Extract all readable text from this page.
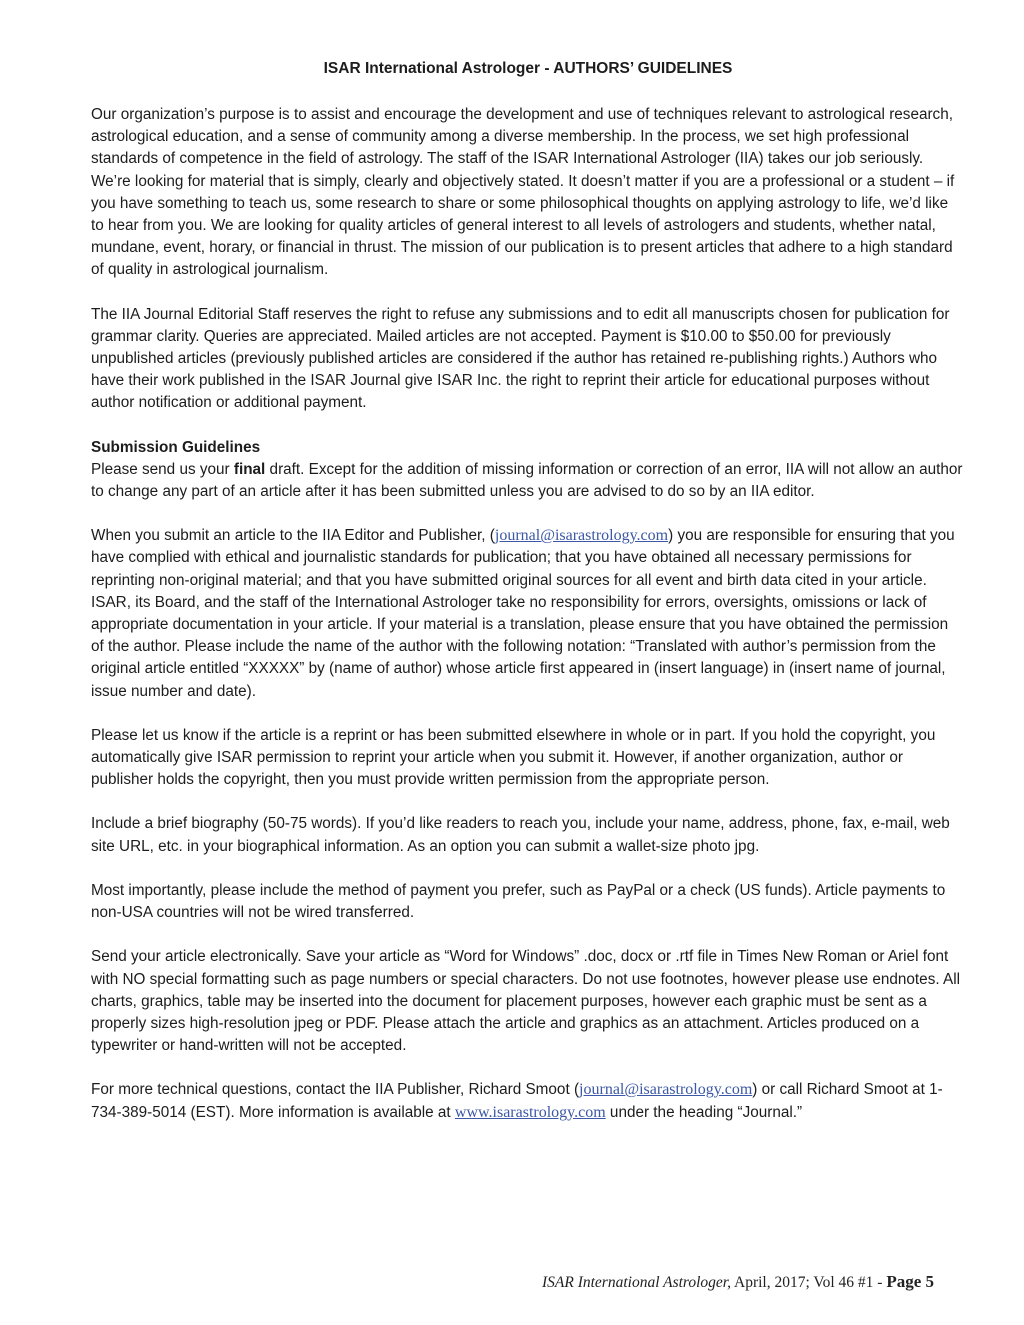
ISAR International Astrologer - AUTHORS’ GUIDELINES

Our organization’s purpose is to assist and encourage the development and use of techniques relevant to astrological research, astrological education, and a sense of community among a diverse membership. In the process, we set high professional standards of competence in the field of astrology. The staff of the ISAR International Astrologer (IIA) takes our job seriously. We’re looking for material that is simply, clearly and objectively stated. It doesn’t matter if you are a professional or a student – if you have something to teach us, some research to share or some philosophical thoughts on applying astrology to life, we’d like to hear from you. We are looking for quality articles of general interest to all levels of astrologers and students, whether natal, mundane, event, horary, or financial in thrust. The mission of our publication is to present articles that adhere to a high standard of quality in astrological journalism.

The IIA Journal Editorial Staff reserves the right to refuse any submissions and to edit all manuscripts chosen for publication for grammar clarity. Queries are appreciated. Mailed articles are not accepted. Payment is $10.00 to $50.00 for previously unpublished articles (previously published articles are considered if the author has retained re-publishing rights.) Authors who have their work published in the ISAR Journal give ISAR Inc. the right to reprint their article for educational purposes without author notification or additional payment.

Submission Guidelines
Please send us your final draft. Except for the addition of missing information or correction of an error, IIA will not allow an author to change any part of an article after it has been submitted unless you are advised to do so by an IIA editor.

When you submit an article to the IIA Editor and Publisher, (journal@isarastrology.com) you are responsible for ensuring that you have complied with ethical and journalistic standards for publication; that you have obtained all necessary permissions for reprinting non-original material; and that you have submitted original sources for all event and birth data cited in your article. ISAR, its Board, and the staff of the International Astrologer take no responsibility for errors, oversights, omissions or lack of appropriate documentation in your article. If your material is a translation, please ensure that you have obtained the permission of the author. Please include the name of the author with the following notation: “Translated with author’s permission from the original article entitled “XXXXX” by (name of author) whose article first appeared in (insert language) in (insert name of journal, issue number and date).

Please let us know if the article is a reprint or has been submitted elsewhere in whole or in part. If you hold the copyright, you automatically give ISAR permission to reprint your article when you submit it. However, if another organization, author or publisher holds the copyright, then you must provide written permission from the appropriate person.

Include a brief biography (50-75 words). If you’d like readers to reach you, include your name, address, phone, fax, e-mail, web site URL, etc. in your biographical information. As an option you can submit a wallet-size photo jpg.

Most importantly, please include the method of payment you prefer, such as PayPal or a check (US funds). Article payments to non-USA countries will not be wired transferred.

Send your article electronically. Save your article as “Word for Windows” .doc, docx or .rtf file in Times New Roman or Ariel font with NO special formatting such as page numbers or special characters. Do not use footnotes, however please use endnotes. All charts, graphics, table may be inserted into the document for placement purposes, however each graphic must be sent as a properly sizes high-resolution jpeg or PDF. Please attach the article and graphics as an attachment. Articles produced on a typewriter or hand-written will not be accepted.

For more technical questions, contact the IIA Publisher, Richard Smoot (journal@isarastrology.com) or call Richard Smoot at 1-734-389-5014 (EST). More information is available at www.isarastrology.com under the heading “Journal.”

ISAR International Astrologer, April, 2017; Vol 46 #1 - Page 5
